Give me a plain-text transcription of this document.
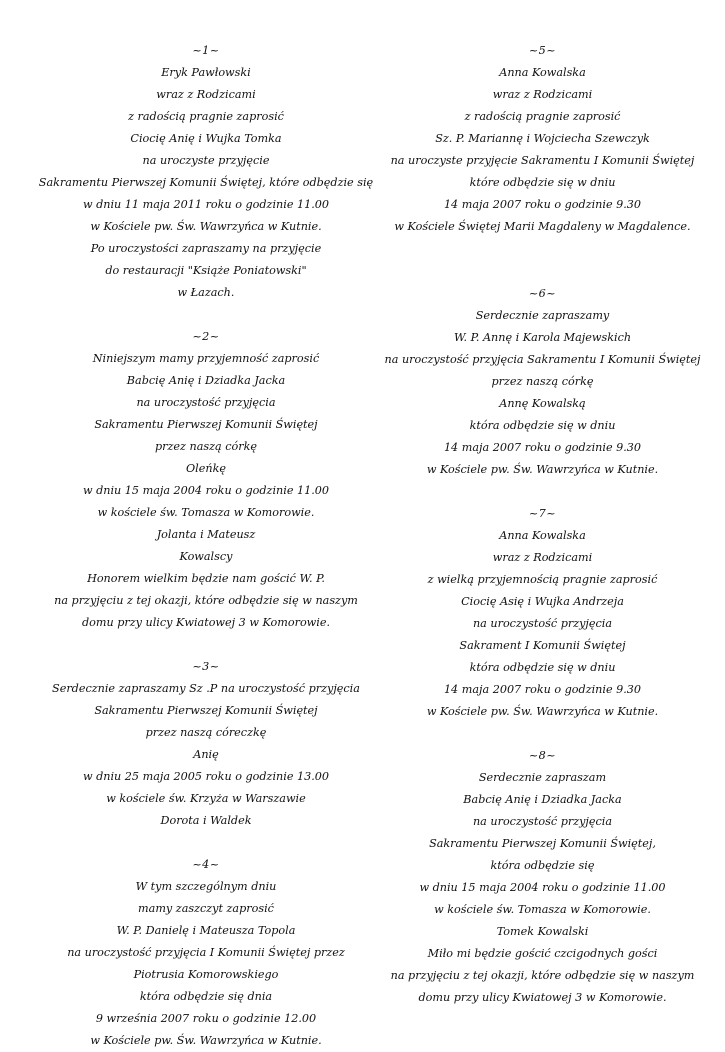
~1~
Eryk Pawłowski
wraz z Rodzicami
z radością pragnie zaprosić
Ciocię Anię i Wujka Tomka
na uroczyste przyjęcie
Sakramentu Pierwszej Komunii Świętej, które odbędzie się
w dniu 11 maja 2011 roku o godzinie 11.00
w Kościele pw. Św. Wawrzyńca w Kutnie.
Po uroczystości zapraszamy na przyjęcie
do restauracji "Książe Poniatowski"
w Łazach.
~2~
Niniejszym mamy przyjemność zaprosić
Babcię Anię i Dziadka Jacka
na uroczystość przyjęcia
Sakramentu Pierwszej Komunii Świętej
przez naszą córkę
Oleńkę
w dniu 15 maja 2004 roku o godzinie 11.00
w kościele św. Tomasza w Komorowie.
Jolanta i Mateusz
Kowalscy
Honorem wielkim będzie nam gościć W. P.
na przyjęciu z tej okazji, które odbędzie się w naszym
domu przy ulicy Kwiatowej 3 w Komorowie.
~3~
Serdecznie zapraszamy Sz .P na uroczystość przyjęcia
Sakramentu Pierwszej Komunii Świętej
przez naszą córeczkę
Anię
w dniu 25 maja 2005 roku o godzinie 13.00
w kościele św. Krzyża w Warszawie
Dorota i Waldek
~4~
W tym szczególnym dniu
mamy zaszczyt zaprosić
W. P. Danielę i Mateusza Topola
na uroczystość przyjęcia I Komunii Świętej przez
Piotrusia Komorowskiego
która odbędzie się dnia
9 września 2007 roku o godzinie 12.00
w Kościele pw. Św. Wawrzyńca w Kutnie.
~5~
Anna Kowalska
wraz z Rodzicami
z radością pragnie zaprosić
Sz. P. Mariannę i Wojciecha Szewczyk
na uroczyste przyjęcie Sakramentu I Komunii Świętej
które odbędzie się w dniu
14 maja 2007 roku o godzinie 9.30
w Kościele Świętej Marii Magdaleny w Magdalence.
~6~
Serdecznie zapraszamy
W. P. Annę i Karola Majewskich
na uroczystość przyjęcia Sakramentu I Komunii Świętej
przez naszą córkę
Annę Kowalską
która odbędzie się w dniu
14 maja 2007 roku o godzinie 9.30
w Kościele pw. Św. Wawrzyńca w Kutnie.
~7~
Anna Kowalska
wraz z Rodzicami
z wielką przyjemnością pragnie zaprosić
Ciocię Asię i Wujka Andrzeja
na uroczystość przyjęcia
Sakrament I Komunii Świętej
która odbędzie się w dniu
14 maja 2007 roku o godzinie 9.30
w Kościele pw. Św. Wawrzyńca w Kutnie.
~8~
Serdecznie zapraszam
Babcię Anię i Dziadka Jacka
na uroczystość przyjęcia
Sakramentu Pierwszej Komunii Świętej,
która odbędzie się
w dniu 15 maja 2004 roku o godzinie 11.00
w kościele św. Tomasza w Komorowie.
Tomek Kowalski
Miło mi będzie gościć czcigodnych gości
na przyjęciu z tej okazji, które odbędzie się w naszym
domu przy ulicy Kwiatowej 3 w Komorowie.
